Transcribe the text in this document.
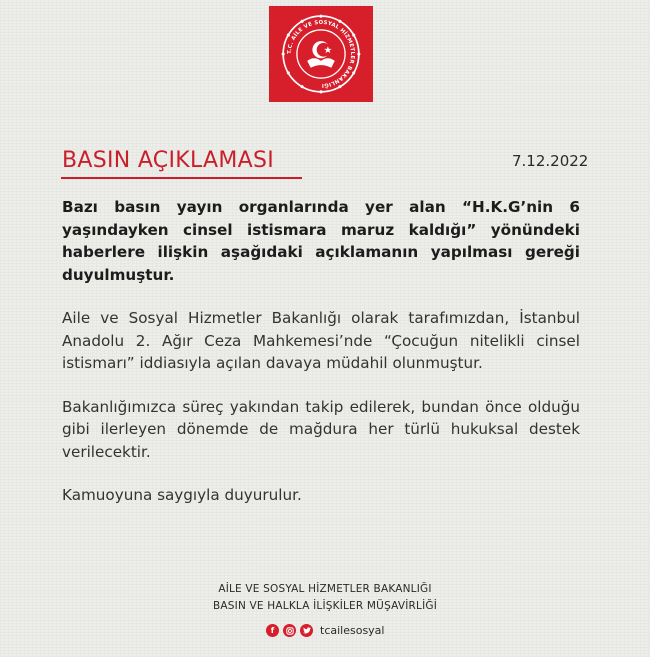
T.C. AİLE VE SOSYAL HİZMETLER BAKANLIĞI
BASIN AÇIKLAMASI	7.12.2022

Bazı basın yayın organlarında yer alan “H.K.G’nin 6 yaşındayken cinsel istismara maruz kaldığı” yönündeki haberlere ilişkin aşağıdaki açıklamanın yapılması gereği duyulmuştur.

Aile ve Sosyal Hizmetler Bakanlığı olarak tarafımızdan, İstanbul Anadolu 2. Ağır Ceza Mahkemesi’nde “Çocuğun nitelikli cinsel istismarı” iddiasıyla açılan davaya müdahil olunmuştur.

Bakanlığımızca süreç yakından takip edilerek, bundan önce olduğu gibi ilerleyen dönemde de mağdura her türlü hukuksal destek verilecektir.

Kamuoyuna saygıyla duyurulur.

AİLE VE SOSYAL HİZMETLER BAKANLIĞI
BASIN VE HALKLA İLİŞKİLER MÜŞAVİRLİĞİ
f	tcailesosyal
